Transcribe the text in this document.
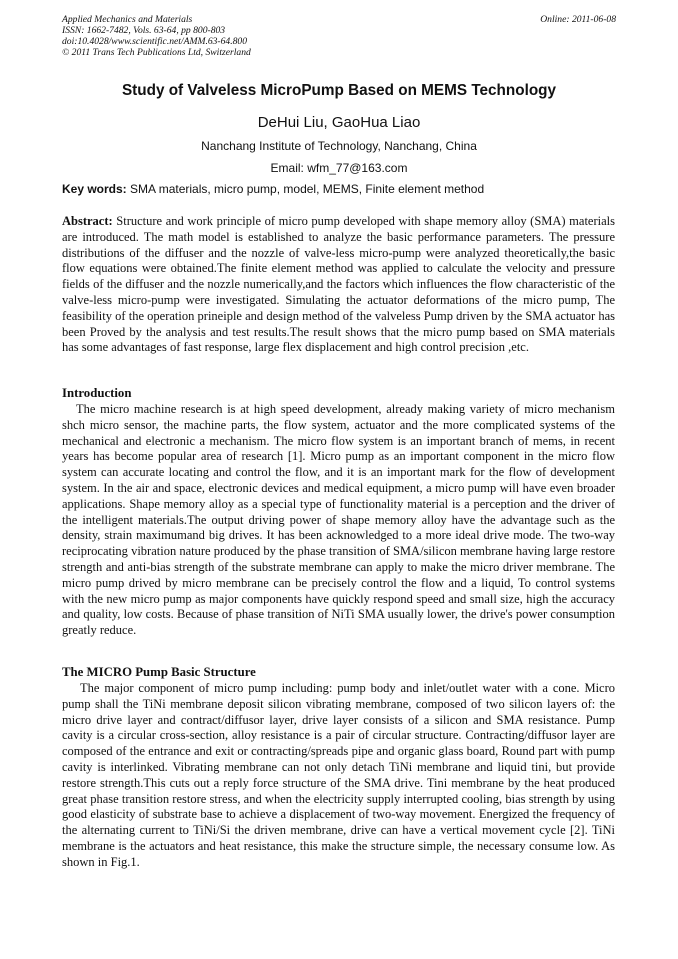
Applied Mechanics and Materials
ISSN: 1662-7482, Vols. 63-64, pp 800-803
doi:10.4028/www.scientific.net/AMM.63-64.800
© 2011 Trans Tech Publications Ltd, Switzerland
Online: 2011-06-08
Study of Valveless MicroPump Based on MEMS Technology
DeHui Liu, GaoHua Liao
Nanchang Institute of Technology, Nanchang, China
Email: wfm_77@163.com
Key words: SMA materials, micro pump, model, MEMS, Finite element method
Abstract: Structure and work principle of micro pump developed with shape memory alloy (SMA) materials are introduced. The math model is established to analyze the basic performance parameters. The pressure distributions of the diffuser and the nozzle of valve-less micro-pump were analyzed theoretically,the basic flow equations were obtained.The finite element method was applied to calculate the velocity and pressure fields of the diffuser and the nozzle numerically,and the factors which influences the flow characteristic of the valve-less micro-pump were investigated. Simulating the actuator deformations of the micro pump, The feasibility of the operation prineiple and design method of the valveless Pump driven by the SMA actuator has been Proved by the analysis and test results.The result shows that the micro pump based on SMA materials has some advantages of fast response, large flex displacement and high control precision ,etc.
Introduction
The micro machine research is at high speed development, already making variety of micro mechanism shch micro sensor, the machine parts, the flow system, actuator and the more complicated systems of the mechanical and electronic a mechanism. The micro flow system is an important branch of mems, in recent years has become popular area of research [1]. Micro pump as an important component in the micro flow system can accurate locating and control the flow, and it is an important mark for the flow of development system. In the air and space, electronic devices and medical equipment, a micro pump will have even broader applications. Shape memory alloy as a special type of functionality material is a perception and the driver of the intelligent materials.The output driving power of shape memory alloy have the advantage such as the density, strain maximumand big drives. It has been acknowledged to a more ideal drive mode. The two-way reciprocating vibration nature produced by the phase transition of SMA/silicon membrane having large restore strength and anti-bias strength of the substrate membrane can apply to make the micro driver membrane. The micro pump drived by micro membrane can be precisely control the flow and a liquid, To control systems with the new micro pump as major components have quickly respond speed and small size, high the accuracy and quality, low costs. Because of phase transition of NiTi SMA usually lower, the drive's power consumption greatly reduce.
The MICRO Pump Basic Structure
The major component of micro pump including: pump body and inlet/outlet water with a cone. Micro pump shall the TiNi membrane deposit silicon vibrating membrane, composed of two silicon layers of: the micro drive layer and contract/diffusor layer, drive layer consists of a silicon and SMA resistance. Pump cavity is a circular cross-section, alloy resistance is a pair of circular structure. Contracting/diffusor layer are composed of the entrance and exit or contracting/spreads pipe and organic glass board, Round part with pump cavity is interlinked. Vibrating membrane can not only detach TiNi membrane and liquid tini, but provide restore strength.This cuts out a reply force structure of the SMA drive. Tini membrane by the heat produced great phase transition restore stress, and when the electricity supply interrupted cooling, bias strength by using good elasticity of substrate base to achieve a displacement of two-way movement. Energized the frequency of the alternating current to TiNi/Si the driven membrane, drive can have a vertical movement cycle [2]. TiNi membrane is the actuators and heat resistance, this make the structure simple, the necessary consume low. As shown in Fig.1.
